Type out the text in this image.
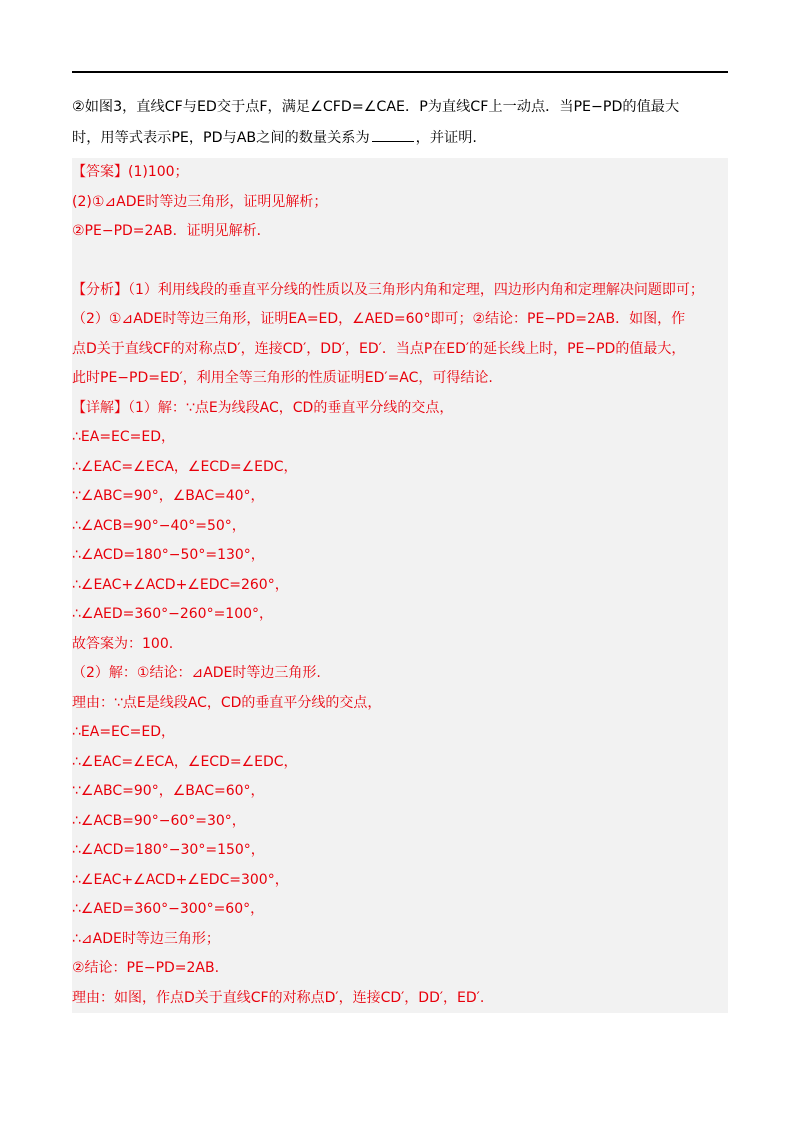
②如图3，直线CF与ED交于点F，满足∠CFD=∠CAE．P为直线CF上一动点．当PE−PD的值最大
时，用等式表示PE，PD与AB之间的数量关系为	，并证明.
【答案】(1)100；
(2)①⊿ADE时等边三角形，证明见解析；
②PE−PD=2AB．证明见解析．
【分析】（1）利用线段的垂直平分线的性质以及三角形内角和定理，四边形内角和定理解决问题即可；
（2）①⊿ADE时等边三角形，证明EA=ED，∠AED=60°即可；②结论：PE−PD=2AB．如图，作
点D关于直线CF的对称点D′，连接CD′，DD′，ED′．当点P在ED′的延长线上时，PE−PD的值最大，
此时PE−PD=ED′，利用全等三角形的性质证明ED′=AC，可得结论.
【详解】（1）解：∵点E为线段AC，CD的垂直平分线的交点，
∴EA=EC=ED，
∴∠EAC=∠ECA，∠ECD=∠EDC，
∵∠ABC=90°，∠BAC=40°，
∴∠ACB=90°−40°=50°，
∴∠ACD=180°−50°=130°，
∴∠EAC+∠ACD+∠EDC=260°，
∴∠AED=360°−260°=100°，
故答案为：100.
（2）解：①结论：⊿ADE时等边三角形.
理由：∵点E是线段AC，CD的垂直平分线的交点，
∴EA=EC=ED，
∴∠EAC=∠ECA，∠ECD=∠EDC，
∵∠ABC=90°，∠BAC=60°，
∴∠ACB=90°−60°=30°，
∴∠ACD=180°−30°=150°，
∴∠EAC+∠ACD+∠EDC=300°，
∴∠AED=360°−300°=60°，
∴⊿ADE时等边三角形；
②结论：PE−PD=2AB.
理由：如图，作点D关于直线CF的对称点D′，连接CD′，DD′，ED′.
